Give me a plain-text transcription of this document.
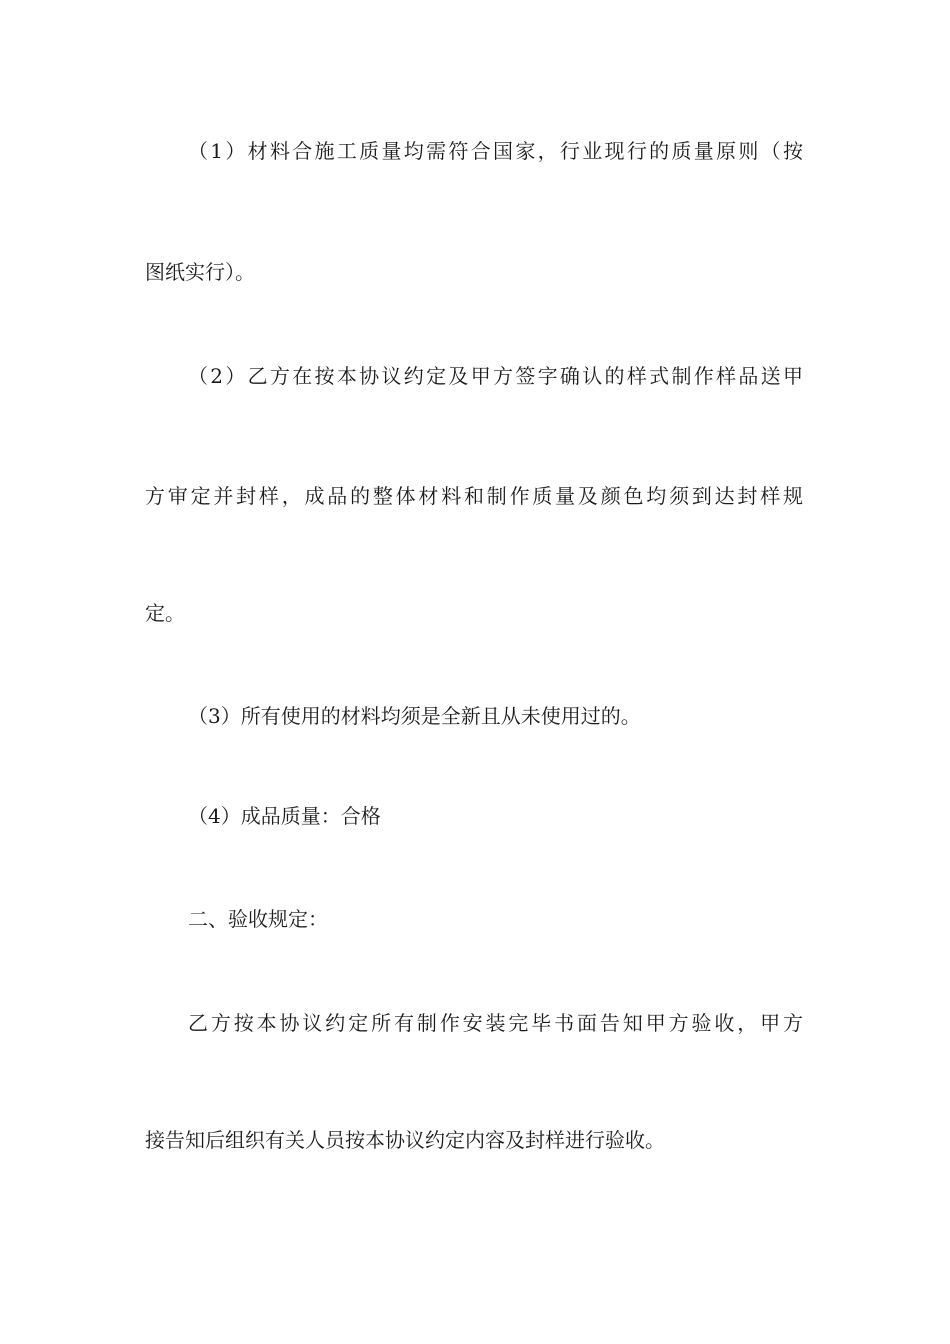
（1）材料合施工质量均需符合国家，行业现行的质量原则（按
图纸实行）。
（2）乙方在按本协议约定及甲方签字确认的样式制作样品送甲
方审定并封样，成品的整体材料和制作质量及颜色均须到达封样规
定。
（3）所有使用的材料均须是全新且从未使用过的。
（4）成品质量：合格
二、验收规定：
乙方按本协议约定所有制作安装完毕书面告知甲方验收，甲方
接告知后组织有关人员按本协议约定内容及封样进行验收。
